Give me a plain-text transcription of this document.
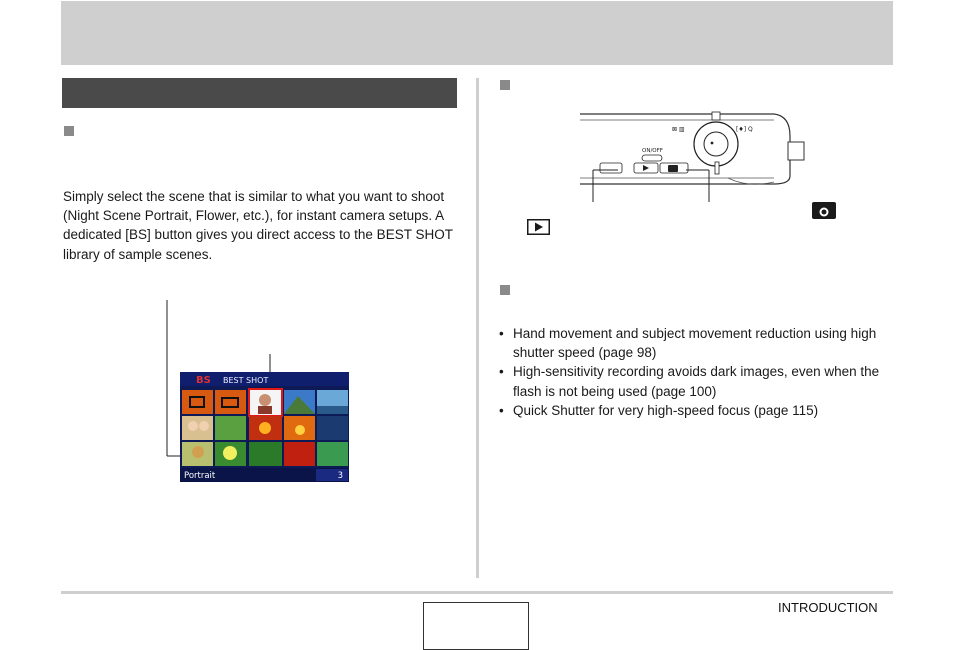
Simply select the scene that is similar to what you want to shoot (Night Scene Portrait, Flower, etc.), for instant camera setups. A dedicated [BS] button gives you direct access to the BEST SHOT library of sample scenes.
BS BEST SHOT
Portrait	3
⊠ ▥	[♦] Q
ON/OFF
• Hand movement and subject movement reduction using high shutter speed (page 98)
• High-sensitivity recording avoids dark images, even when the flash is not being used (page 100)
• Quick Shutter for very high-speed focus (page 115)
INTRODUCTION
